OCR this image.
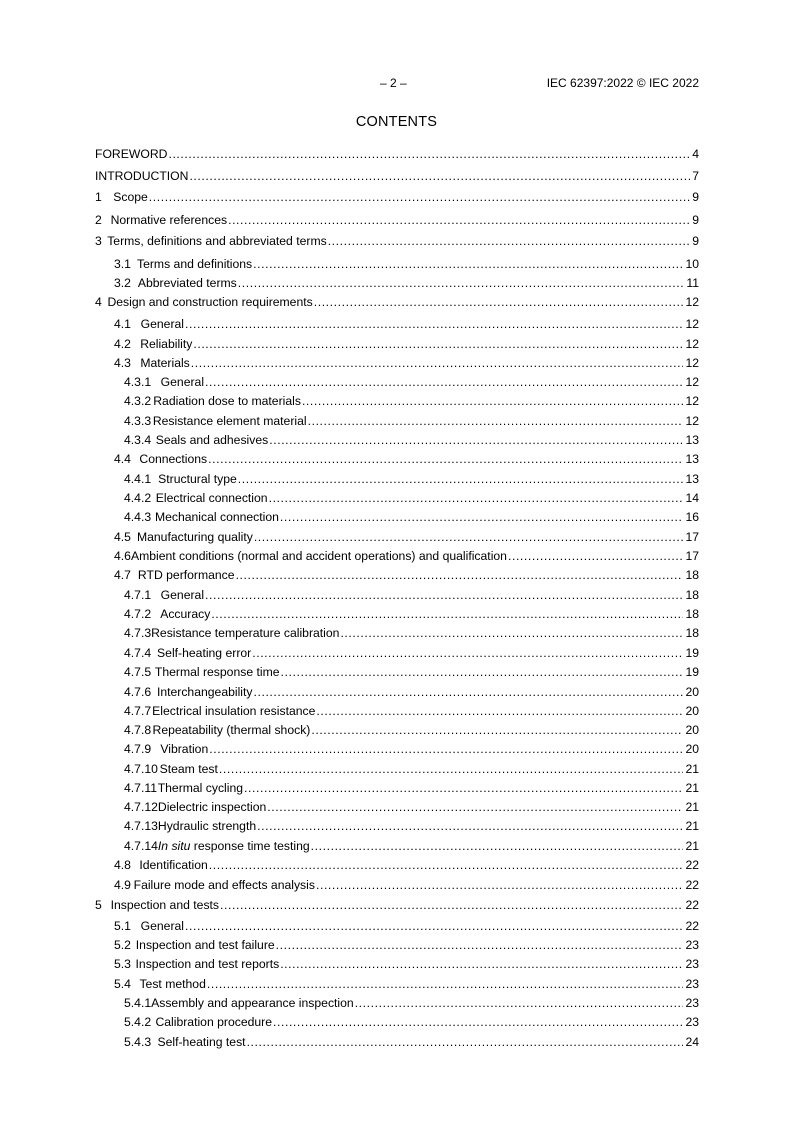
– 2 –	IEC 62397:2022 © IEC 2022
CONTENTS
FOREWORD .....	4
INTRODUCTION .....	7
1 Scope .....	9
2 Normative references .....	9
3 Terms, definitions and abbreviated terms .....	9
3.1 Terms and definitions .....	10
3.2 Abbreviated terms .....	11
4 Design and construction requirements .....	12
4.1 General .....	12
4.2 Reliability .....	12
4.3 Materials .....	12
4.3.1 General .....	12
4.3.2 Radiation dose to materials .....	12
4.3.3 Resistance element material .....	12
4.3.4 Seals and adhesives .....	13
4.4 Connections .....	13
4.4.1 Structural type .....	13
4.4.2 Electrical connection .....	14
4.4.3 Mechanical connection .....	16
4.5 Manufacturing quality .....	17
4.6 Ambient conditions (normal and accident operations) and qualification .....	17
4.7 RTD performance .....	18
4.7.1 General .....	18
4.7.2 Accuracy .....	18
4.7.3 Resistance temperature calibration .....	18
4.7.4 Self-heating error .....	19
4.7.5 Thermal response time .....	19
4.7.6 Interchangeability .....	20
4.7.7 Electrical insulation resistance .....	20
4.7.8 Repeatability (thermal shock) .....	20
4.7.9 Vibration .....	20
4.7.10 Steam test .....	21
4.7.11 Thermal cycling .....	21
4.7.12 Dielectric inspection .....	21
4.7.13 Hydraulic strength .....	21
4.7.14 In situ response time testing .....	21
4.8 Identification .....	22
4.9 Failure mode and effects analysis .....	22
5 Inspection and tests .....	22
5.1 General .....	22
5.2 Inspection and test failure .....	23
5.3 Inspection and test reports .....	23
5.4 Test method .....	23
5.4.1 Assembly and appearance inspection .....	23
5.4.2 Calibration procedure .....	23
5.4.3 Self-heating test .....	24
